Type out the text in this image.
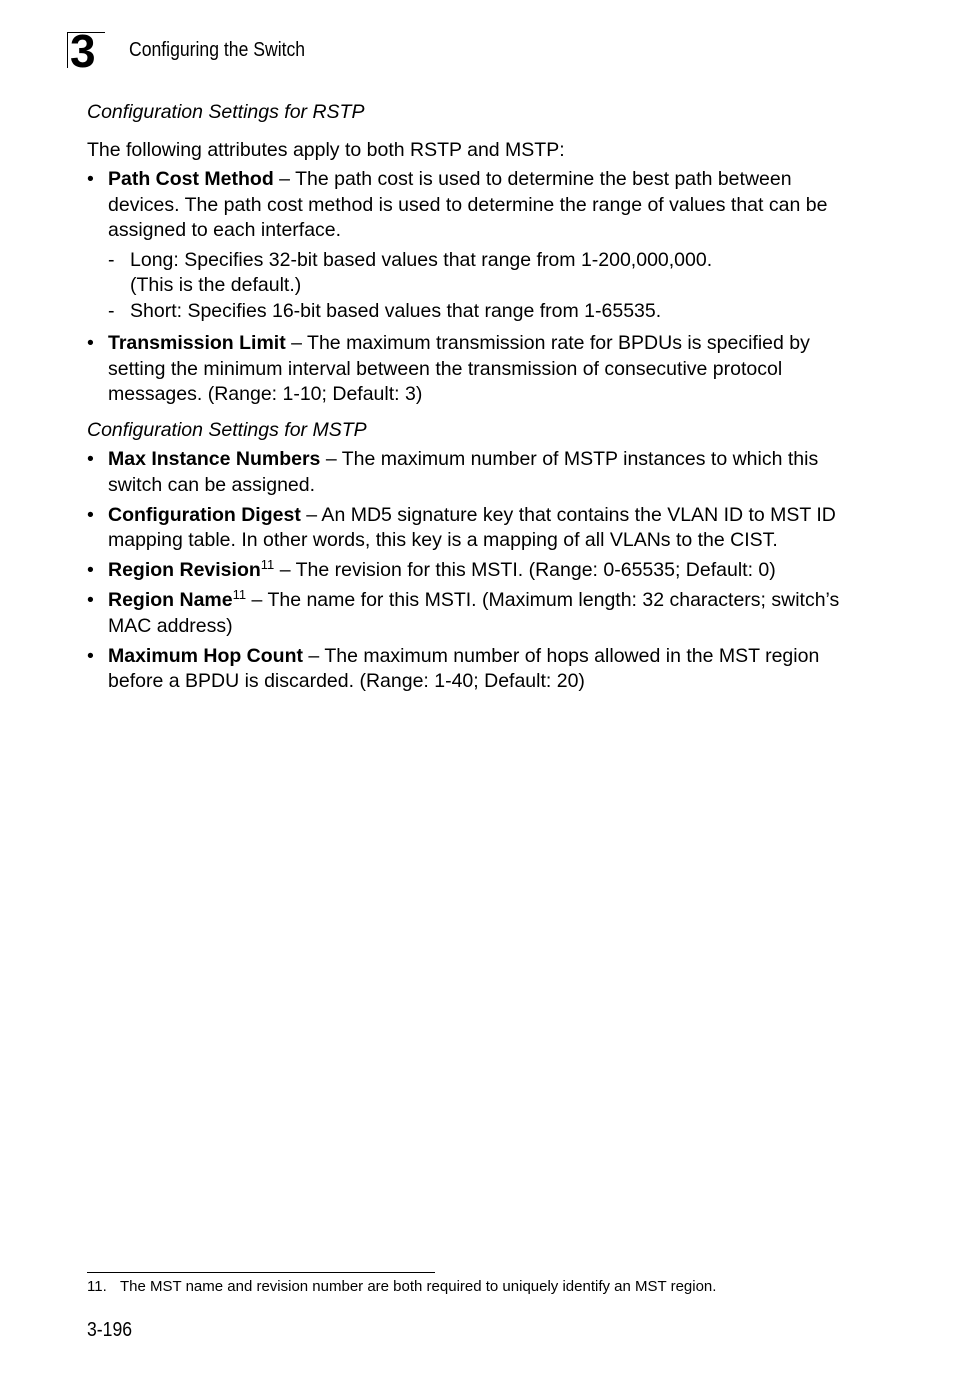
3 Configuring the Switch

Configuration Settings for RSTP

The following attributes apply to both RSTP and MSTP:

• Path Cost Method – The path cost is used to determine the best path between devices. The path cost method is used to determine the range of values that can be assigned to each interface.
- Long: Specifies 32-bit based values that range from 1-200,000,000.
(This is the default.)
- Short: Specifies 16-bit based values that range from 1-65535.
• Transmission Limit – The maximum transmission rate for BPDUs is specified by setting the minimum interval between the transmission of consecutive protocol messages. (Range: 1-10; Default: 3)

Configuration Settings for MSTP

• Max Instance Numbers – The maximum number of MSTP instances to which this switch can be assigned.
• Configuration Digest – An MD5 signature key that contains the VLAN ID to MST ID mapping table. In other words, this key is a mapping of all VLANs to the CIST.
• Region Revision$^{11}$ – The revision for this MSTI. (Range: 0-65535; Default: 0)
• Region Name$^{11}$ – The name for this MSTI. (Maximum length: 32 characters; switch’s MAC address)
• Maximum Hop Count – The maximum number of hops allowed in the MST region before a BPDU is discarded. (Range: 1-40; Default: 20)
11. The MST name and revision number are both required to uniquely identify an MST region.
3-196
